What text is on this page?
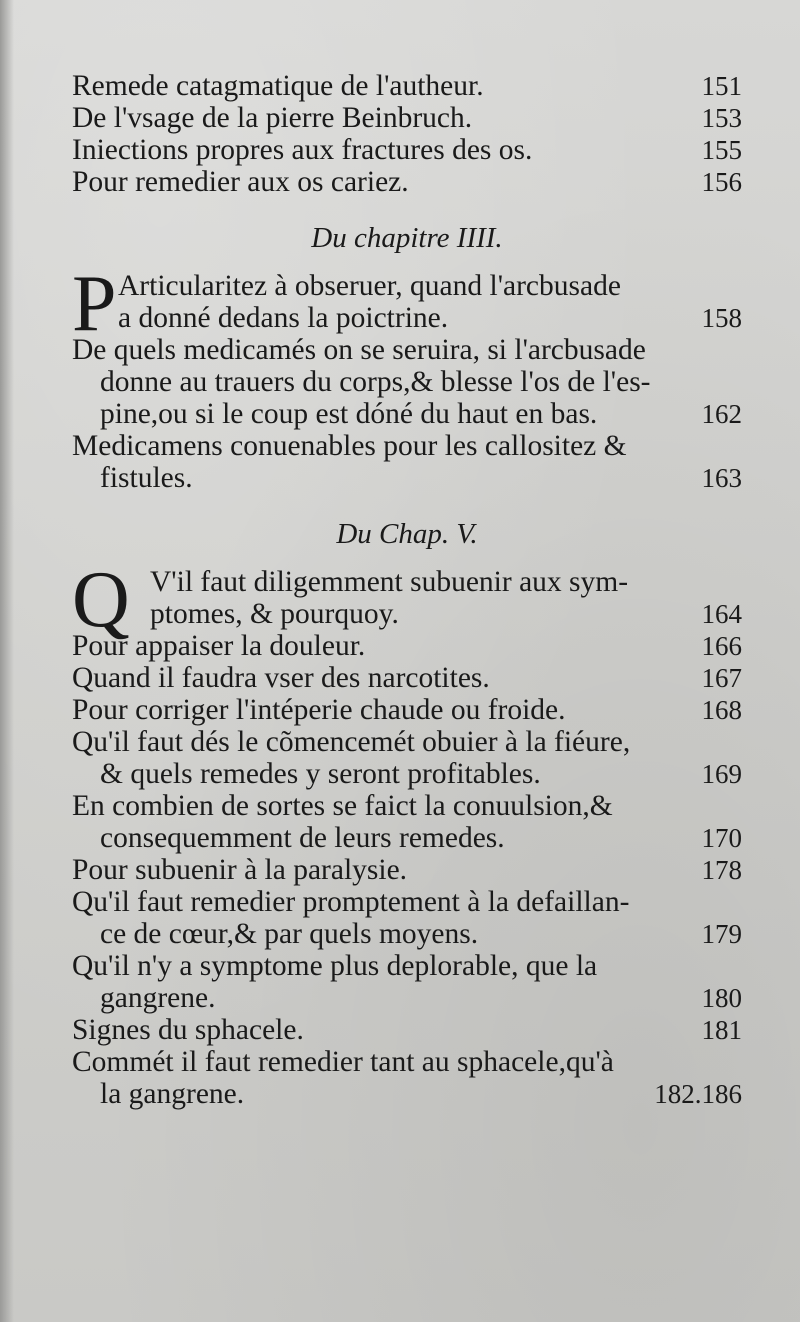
Remede catagmatique de l'autheur.	151
De l'vsage de la pierre Beinbruch.	153
Iniections propres aux fractures des os.	155
Pour remedier aux os cariez.	156
Du chapitre IIII.
P Articularitez à obseruer, quand l'arcbusade
a donné dedans la poictrine.	158
De quels medicamés on se seruira, si l'arcbusade
donne au trauers du corps,& blesse l'os de l'es-
pine,ou si le coup est dóné du haut en bas.	162
Medicamens conuenables pour les callositez &
fistules.	163
Du Chap. V.
Q V'il faut diligemment subuenir aux sym-
ptomes, & pourquoy.	164
Pour appaiser la douleur.	166
Quand il faudra vser des narcotites.	167
Pour corriger l'intéperie chaude ou froide.	168
Qu'il faut dés le cõmencemét obuier à la fiéure,
& quels remedes y seront profitables.	169
En combien de sortes se faict la conuulsion,&
consequemment de leurs remedes.	170
Pour subuenir à la paralysie.	178
Qu'il faut remedier promptement à la defaillan-
ce de cœur,& par quels moyens.	179
Qu'il n'y a symptome plus deplorable, que la
gangrene.	180
Signes du sphacele.	181
Commét il faut remedier tant au sphacele,qu'à
la gangrene.	182.186
